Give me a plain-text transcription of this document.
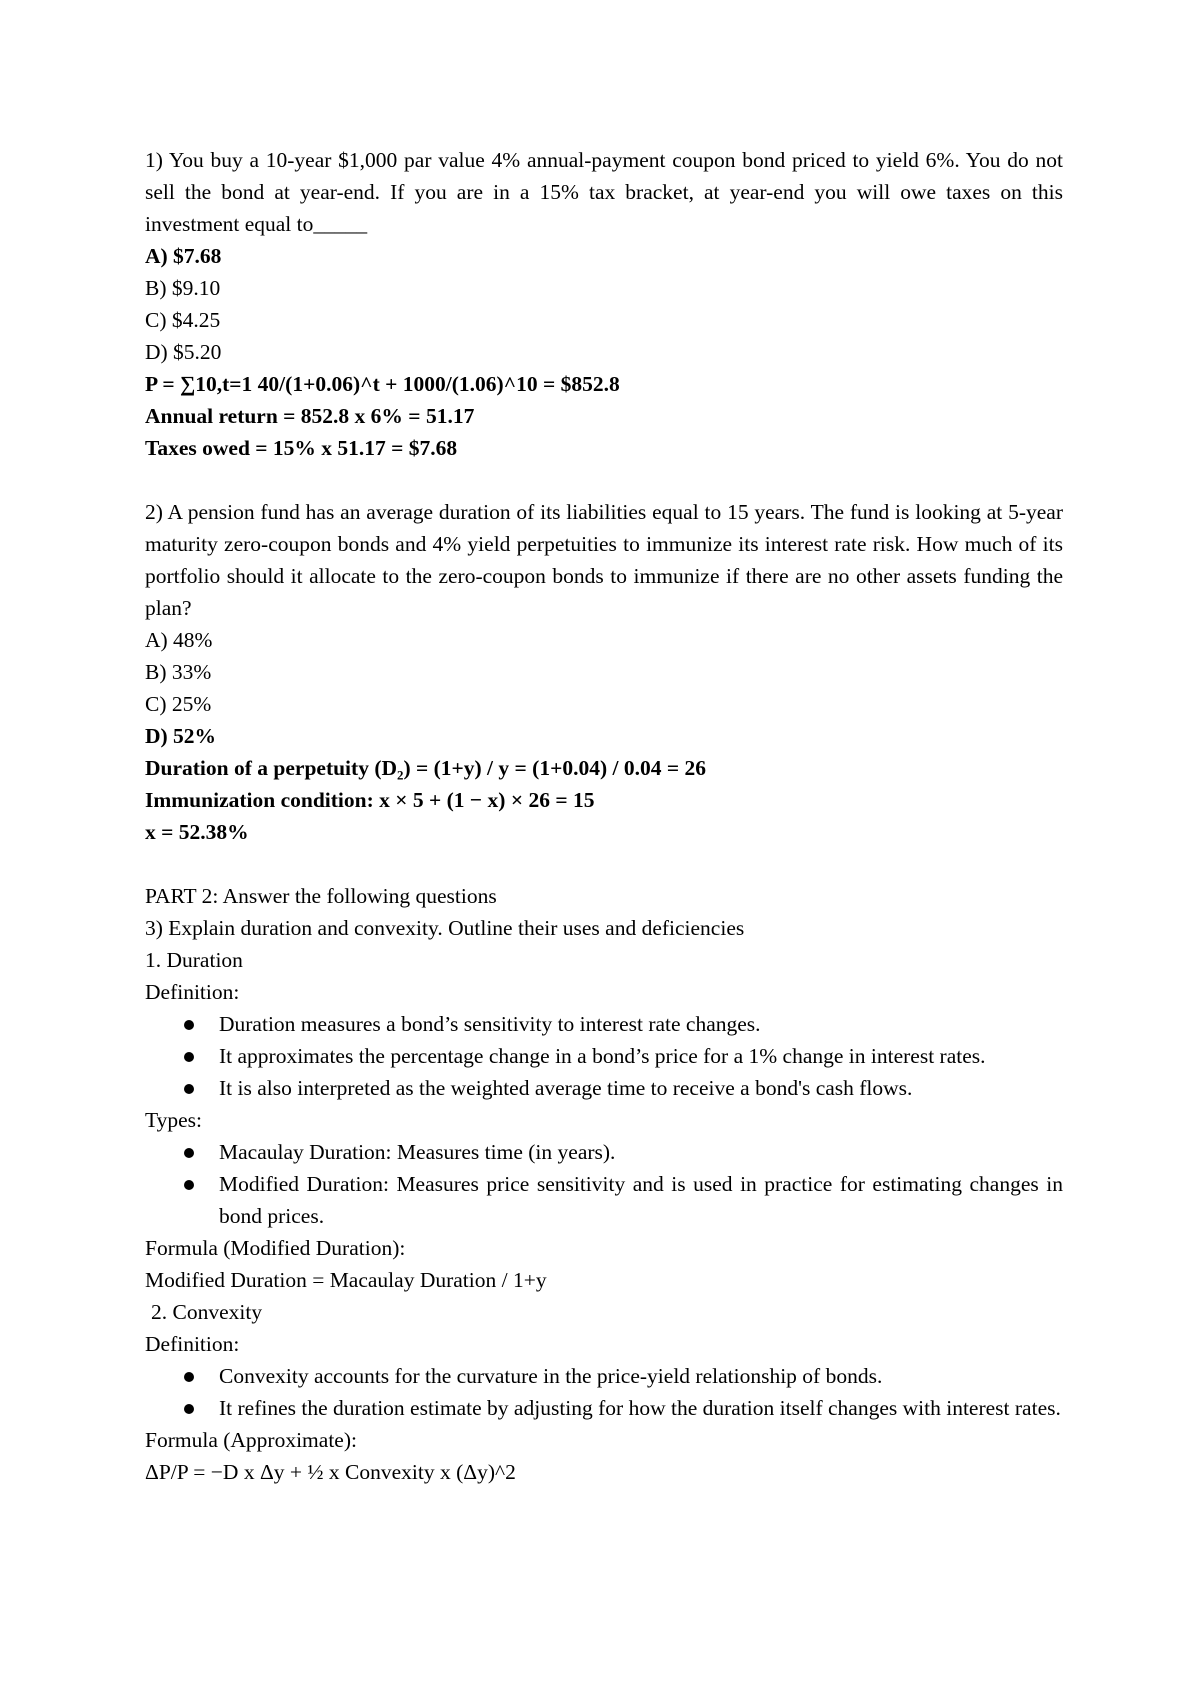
1) You buy a 10-year $1,000 par value 4% annual-payment coupon bond priced to yield 6%. You do not sell the bond at year-end. If you are in a 15% tax bracket, at year-end you will owe taxes on this investment equal to_____

A) $7.68

B) $9.10

C) $4.25

D) $5.20

P = ∑10,t=1 40/(1+0.06)^t + 1000/(1.06)^10 = $852.8

Annual return = 852.8 x 6% = 51.17

Taxes owed = 15% x 51.17 = $7.68

2) A pension fund has an average duration of its liabilities equal to 15 years. The fund is looking at 5-year maturity zero-coupon bonds and 4% yield perpetuities to immunize its interest rate risk. How much of its portfolio should it allocate to the zero-coupon bonds to immunize if there are no other assets funding the plan?

A) 48%

B) 33%

C) 25%

D) 52%

Duration of a perpetuity (D₂) = (1+y) / y = (1+0.04) / 0.04 = 26

Immunization condition: x × 5 + (1 − x) × 26 = 15

x = 52.38%

PART 2: Answer the following questions

3) Explain duration and convexity. Outline their uses and deficiencies

1. Duration

Definition:

Duration measures a bond’s sensitivity to interest rate changes.
It approximates the percentage change in a bond’s price for a 1% change in interest rates.
It is also interpreted as the weighted average time to receive a bond's cash flows.

Types:

Macaulay Duration: Measures time (in years).
Modified Duration: Measures price sensitivity and is used in practice for estimating changes in bond prices.

Formula (Modified Duration):

Modified Duration = Macaulay Duration / 1+y

2. Convexity

Definition:

Convexity accounts for the curvature in the price-yield relationship of bonds.
It refines the duration estimate by adjusting for how the duration itself changes with interest rates.

Formula (Approximate):

ΔP/P = −D x Δy + ½ x Convexity x (Δy)^2
